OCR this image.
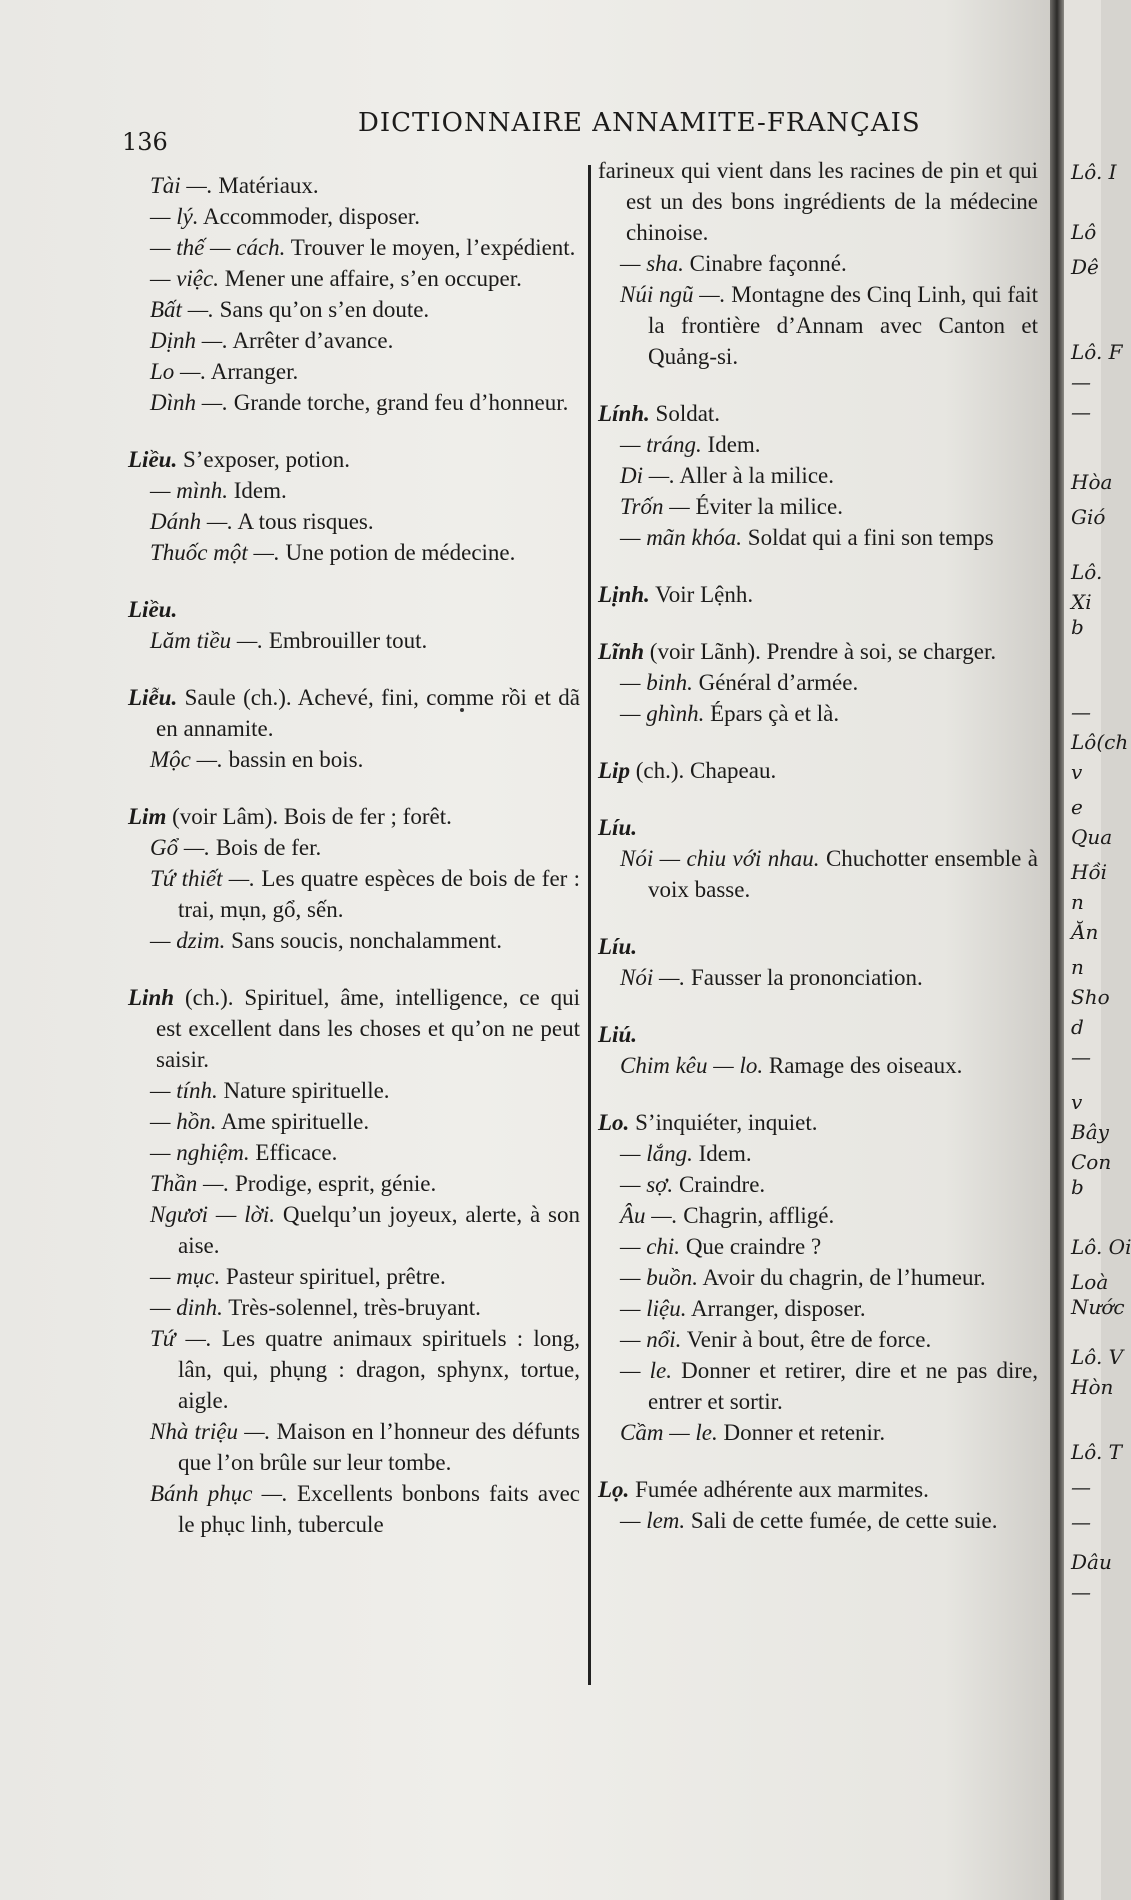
136
DICTIONNAIRE ANNAMITE-FRANÇAIS
Tài —. Matériaux.
— lý. Accommoder, disposer.
— thế — cách. Trouver le moyen, l’expédient.
— việc. Mener une affaire, s’en occuper.
Bất —. Sans qu’on s’en doute.
Dịnh —. Arrêter d’avance.
Lo —. Arranger.
Dình —. Grande torche, grand feu d’honneur.
Liều. S’exposer, potion.
— mình. Idem.
Dánh —. A tous risques.
Thuốc một —. Une potion de médecine.
Liều.
Lăm tiều —. Embrouiller tout.
Liễu. Saule (ch.). Achevé, fini, comme rồi et dã en annamite.
Mộc —. bassin en bois.
Lim (voir Lâm). Bois de fer ; forêt.
Gổ —. Bois de fer.
Tứ thiết —. Les quatre espèces de bois de fer : trai, mụn, gổ, sến.
— dzim. Sans soucis, nonchalamment.
Linh (ch.). Spirituel, âme, intelligence, ce qui est excellent dans les choses et qu’on ne peut saisir.
— tính. Nature spirituelle.
— hồn. Ame spirituelle.
— nghiệm. Efficace.
Thần —. Prodige, esprit, génie.
Ngươi — lời. Quelqu’un joyeux, alerte, à son aise.
— mục. Pasteur spirituel, prêtre.
— dinh. Très-solennel, très-bruyant.
Tứ —. Les quatre animaux spirituels : long, lân, qui, phụng : dragon, sphynx, tortue, aigle.
Nhà triệu —. Maison en l’honneur des défunts que l’on brûle sur leur tombe.
Bánh phục —. Excellents bonbons faits avec le phục linh, tubercule
farineux qui vient dans les racines de pin et qui est un des bons ingrédients de la médecine chinoise.
— sha. Cinabre façonné.
Núi ngũ —. Montagne des Cinq Linh, qui fait la frontière d’Annam avec Canton et Quảng-si.
Lính. Soldat.
— tráng. Idem.
Di —. Aller à la milice.
Trốn — Éviter la milice.
— mãn khóa. Soldat qui a fini son temps
Lịnh. Voir Lệnh.
Lĩnh (voir Lãnh). Prendre à soi, se charger.
— binh. Général d’armée.
— ghình. Épars çà et là.
Lip (ch.). Chapeau.
Líu.
Nói — chiu với nhau. Chuchotter ensemble à voix basse.
Líu.
Nói —. Fausser la prononciation.
Liú.
Chim kêu — lo. Ramage des oiseaux.
Lo. S’inquiéter, inquiet.
— lắng. Idem.
— sợ. Craindre.
Âu —. Chagrin, affligé.
— chi. Que craindre ?
— buồn. Avoir du chagrin, de l’humeur.
— liệu. Arranger, disposer.
— nổi. Venir à bout, être de force.
— le. Donner et retirer, dire et ne pas dire, entrer et sortir.
Cầm — le. Donner et retenir.
Lọ. Fumée adhérente aux marmites.
— lem. Sali de cette fumée, de cette suie.
Lô. I
Lô
Dê
Lô. F
—
—
Hòa
Gió
Lô.
Xi
b
—
Lô(ch
v
e
Qua
Hồi
n
Ăn
n
Sho
d
—
v
Bây
Con
b
Lô. Oi
Loà
Nước
Lô. V
Hòn
Lô. T
—
—
Dâu
—
